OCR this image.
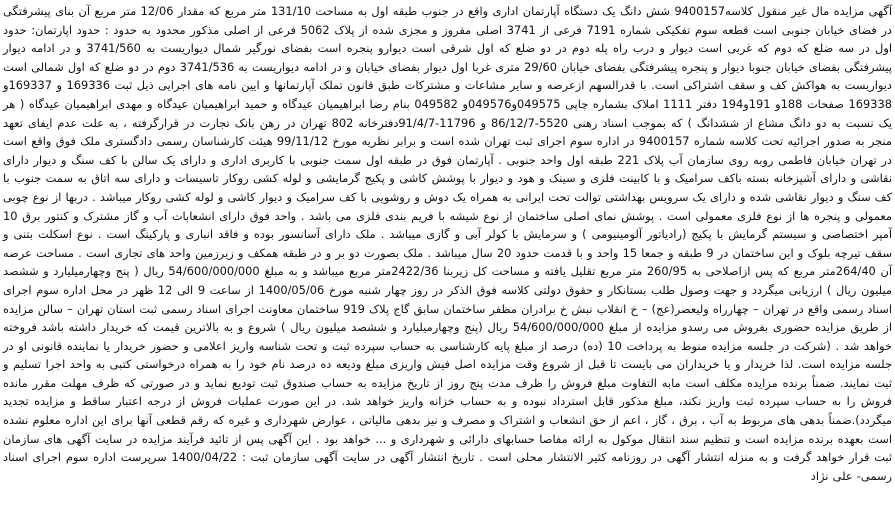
آگهی مزایده مال غیر منقول کلاسه9400157 شش دانگ یک دستگاه آپارتمان اداری واقع در جنوب طبقه اول به مساحت 131/10 متر مربع که مقدار 12/06 متر مربع آن بنای پیشرفتگی در فضای خیابان جنوبی است قطعه سوم تفکیکی شماره 7191 فرعی از 3741 اصلی مفروز و مجزی شده از پلاک 5062 فرعی از اصلی مذکور محدود به حدود : حدود اپارتمان: حدود اول در سه ضلع که دوم که غربی است دیوار و درب راه پله دوم در دو ضلع که اول شرقی است دیوارو پنجره است بفضای نورگیر شمال دیواریست به 3741/560 و در ادامه دیوار پیشرفتگی بفضای خیابان جنوبا دیوار و پنجره پیشرفتگی بفضای خیابان 29/60 متری غربا اول دیوار بفضای خیابان و در ادامه دیواریست به 3741/536 دوم در دو ضلع که اول شمالی است دیواریست به هواکش کف و سقف اشتراکی است. با قدرالسهم ازعرصه و سایر مشاعات و مشترکات طبق قانون تملک آپارتمانها و ایین نامه های اجرایی ذیل ثبت 169336 و 169337و 169338 صفحات 188و 191و194 دفتر 1111 املاک بشماره چاپی 049575و049576و 049582 بنام رضا ابراهیمیان عیدگاه و حمید ابراهیمیان عیدگاه و مهدی ابراهیمیان عیدگاه ( هر یک نسبت به دو دانگ مشاع از ششدانگ ) که بموجب اسناد رهنی 5520-86/12/7 و 11796-91/4/7دفترخانه 802 تهران در رهن بانک تجارت در قرارگرفته ، به علت عدم ایفای تعهد منجر به صدور اجرائیه تحت کلاسه شماره 9400157 در اداره سوم اجرای ثبت تهران شده است و برابر نظریه مورخ 99/11/12 هیئت کارشناسان رسمی دادگستری ملک فوق واقع است در تهران خیابان فاطمی روبه روی سازمان آب پلاک 221 طبقه اول واحد جنوبی . آپارتمان فوق در طبقه اول سمت جنوبی با کاربری اداری و دارای یک سالن با کف سنگ و دیوار دارای نقاشی و دارای آشپزخانه بسته باکف سرامیک و با کابینت فلزی و سینک و هود و دیوار با پوشش کاشی و پکیج گرمایشی و لوله کشی روکار تاسیسات و دارای سه اتاق به سمت جنوب با کف سنگ و دیوار نقاشی شده و دارای یک سرویس بهداشتی توالت تحت ایرانی به همراه یک دوش و روشویی با کف سرامیک و دیوار کاشی و لوله کشی روکار میباشد . دربها از نوع چوبی معمولی و پنجره ها از نوع فلزی معمولی است . پوشش نمای اصلی ساختمان از نوع شیشه با فریم بندی فلزی می باشد . واحد فوق دارای انشعابات آب و گاز مشترک و کنتور برق 10 آمپر اختصاصی و سیستم گرمایش با پکیج (رادیاتور آلومینیومی ) و سرمایش با کولر آبی و گازی میباشد . ملک دارای آسانسور بوده و فاقد انباری و پارکینگ است . نوع اسکلت بتنی و سقف تیرچه بلوک و این ساختمان در 9 طبقه و جمعا 15 واحد و با قدمت حدود 20 سال میباشد . ملک بصورت دو بر و در طبقه همکف و زیرزمین واحد های تجاری است . مساحت عرصه آن 264/40متر مربع که پس ازاصلاحی به 260/95 متر مربع تقلیل یافته و مساحت کل زیربنا 2422/36متر مربع میباشد و به مبلغ 54/600/000/000 ریال ( پنج وچهارمیلیارد و ششصد میلیون ریال ) ارزیابی میگردد و جهت وصول طلب بستانکار و حقوق دولتی کلاسه فوق الذکر در روز چهار شنبه مورخ 1400/05/06 از ساعت 9 الی 12 ظهر در محل اداره سوم اجرای اسناد رسمی واقع در تهران – چهارراه ولیعصر(عج) – خ انقلاب نبش خ برادران مظفر ساختمان سابق گاج پلاک 919 ساختمان معاونت اجرای اسناد رسمی ثبت استان تهران – سالن مزایده از طریق مزایده حضوری بفروش می رسدو مزایده از مبلغ 54/600/000/000 ریال (پنج وچهارمیلیارد و ششصد میلیون ریال ) شروع و به بالاترین قیمت که خریدار داشته باشد فروخته خواهد شد . (شرکت در جلسه مزایده منوط به پرداخت 10 (ده) درصد از مبلغ پایه کارشناسی به حساب سپرده ثبت و تحت شناسه واریز اعلامی و حضور خریدار یا نماینده قانونی او در جلسه مزایده است. لذا خریدار و یا خریداران می بایست تا قبل از شروع وقت مزایده اصل فیش واریزی مبلغ ودیعه ده درصد نام خود را به همراه درخواستی کتبی به واحد اجرا تسلیم و ثبت نمایند. ضمناً برنده مزایده مکلف است مابه التفاوت مبلغ فروش را ظرف مدت پنج روز از تاریخ مزایده به حساب صندوق ثبت تودیع نماید و در صورتی که ظرف مهلت مقرر مانده فروش را به حساب سپرده ثبت واریز نکند، مبلغ مذکور قابل استرداد نبوده و به حساب خزانه واریز خواهد شد. در این صورت عملیات فروش از درجه اعتبار ساقط و مزایده تجدید میگردد).ضمناً بدهی های مربوط به آب ، برق ، گاز ، اعم از حق انشعاب و اشتراک و مصرف و نیز بدهی مالیاتی ، عوارض شهرداری و غیره که رقم قطعی آنها برای این اداره معلوم نشده است بعهده برنده مزایده است و تنظیم سند انتقال موکول به ارائه مفاصا حسابهای دارائی و شهرداری و ... خواهد بود . این آگهی پس از تائید فرآیند مزایده در سایت آگهی های سازمان ثبت قرار خواهد گرفت و به منزله انتشار آگهی در روزنامه کثیر الانتشار محلی است . تاریخ انتشار آگهی در سایت آگهی سازمان ثبت : 1400/04/22 سرپرست اداره سوم اجرای اسناد رسمی- علی نژاد
